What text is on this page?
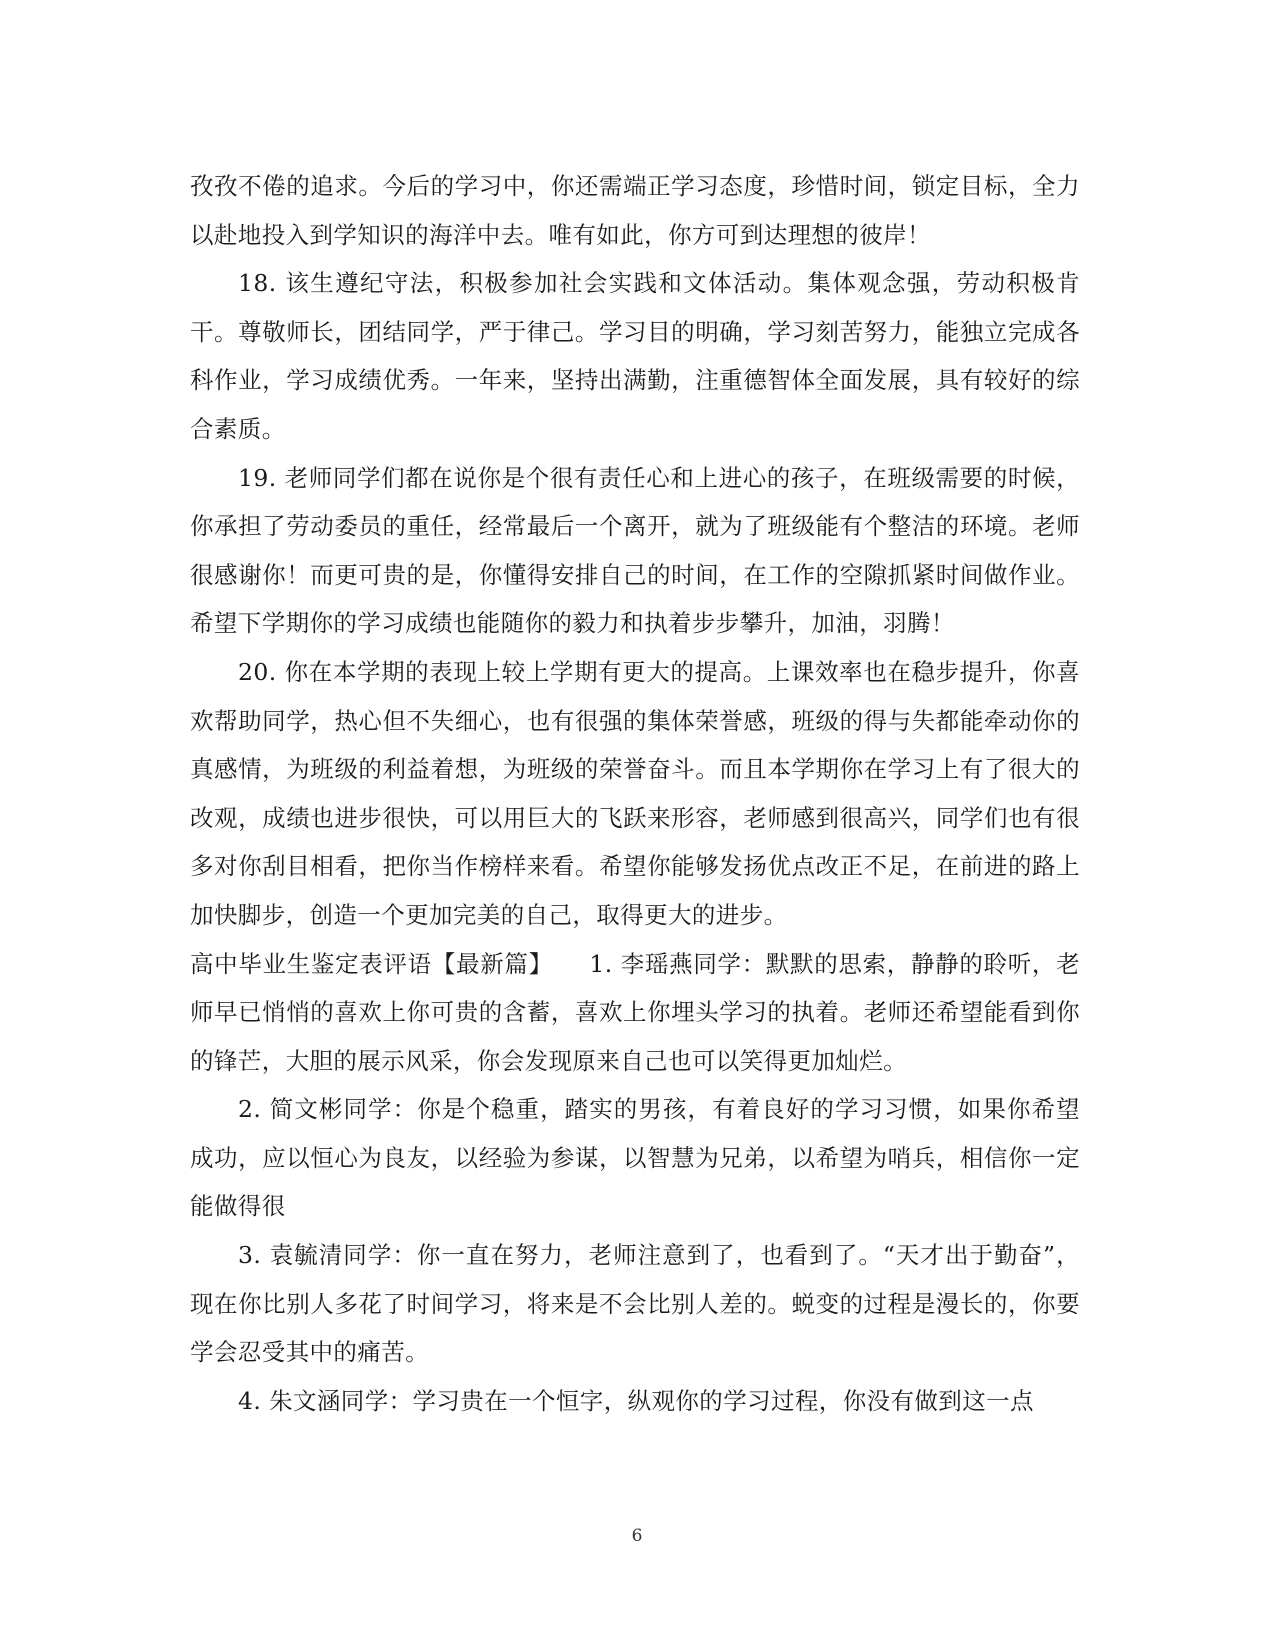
孜孜不倦的追求。今后的学习中，你还需端正学习态度，珍惜时间，锁定目标，全力以赴地投入到学知识的海洋中去。唯有如此，你方可到达理想的彼岸！

18. 该生遵纪守法，积极参加社会实践和文体活动。集体观念强，劳动积极肯干。尊敬师长，团结同学，严于律己。学习目的明确，学习刻苦努力，能独立完成各科作业，学习成绩优秀。一年来，坚持出满勤，注重德智体全面发展，具有较好的综合素质。

19. 老师同学们都在说你是个很有责任心和上进心的孩子，在班级需要的时候，你承担了劳动委员的重任，经常最后一个离开，就为了班级能有个整洁的环境。老师很感谢你！而更可贵的是，你懂得安排自己的时间，在工作的空隙抓紧时间做作业。希望下学期你的学习成绩也能随你的毅力和执着步步攀升，加油，羽腾！

20. 你在本学期的表现上较上学期有更大的提高。上课效率也在稳步提升，你喜欢帮助同学，热心但不失细心，也有很强的集体荣誉感，班级的得与失都能牵动你的真感情，为班级的利益着想，为班级的荣誉奋斗。而且本学期你在学习上有了很大的改观，成绩也进步很快，可以用巨大的飞跃来形容，老师感到很高兴，同学们也有很多对你刮目相看，把你当作榜样来看。希望你能够发扬优点改正不足，在前进的路上加快脚步，创造一个更加完美的自己，取得更大的进步。

高中毕业生鉴定表评语【最新篇】　　1. 李瑶燕同学：默默的思索，静静的聆听，老师早已悄悄的喜欢上你可贵的含蓄，喜欢上你埋头学习的执着。老师还希望能看到你的锋芒，大胆的展示风采，你会发现原来自己也可以笑得更加灿烂。

2. 简文彬同学：你是个稳重，踏实的男孩，有着良好的学习习惯，如果你希望成功，应以恒心为良友，以经验为参谋，以智慧为兄弟，以希望为哨兵，相信你一定能做得很

3. 袁毓清同学：你一直在努力，老师注意到了，也看到了。“天才出于勤奋”，现在你比别人多花了时间学习，将来是不会比别人差的。蜕变的过程是漫长的，你要学会忍受其中的痛苦。

4. 朱文涵同学：学习贵在一个恒字，纵观你的学习过程，你没有做到这一点

6
